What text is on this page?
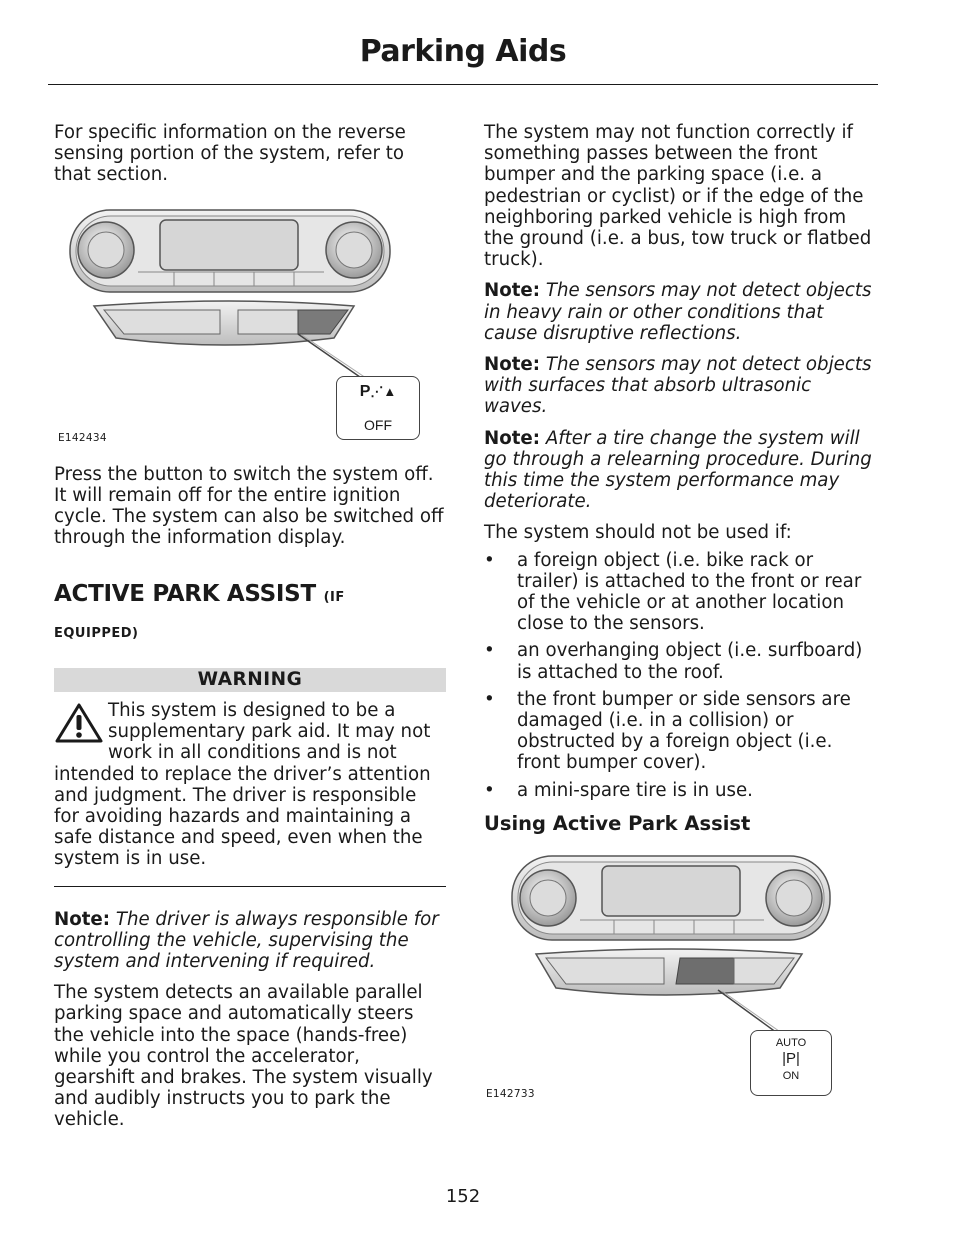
Parking Aids

For specific information on the reverse sensing portion of the system, refer to that section.

P⋰▲
OFF
E142434

Press the button to switch the system off. It will remain off for the entire ignition cycle. The system can also be switched off through the information display.

ACTIVE PARK ASSIST (IF
EQUIPPED)
WARNING
This system is designed to be a supplementary park aid. It may not work in all conditions and is not intended to replace the driver’s attention and judgment. The driver is responsible for avoiding hazards and maintaining a safe distance and speed, even when the system is in use.

Note: The driver is always responsible for controlling the vehicle, supervising the system and intervening if required.

The system detects an available parallel parking space and automatically steers the vehicle into the space (hands-free) while you control the accelerator, gearshift and brakes. The system visually and audibly instructs you to park the vehicle.

The system may not function correctly if something passes between the front bumper and the parking space (i.e. a pedestrian or cyclist) or if the edge of the neighboring parked vehicle is high from the ground (i.e. a bus, tow truck or flatbed truck).

Note: The sensors may not detect objects in heavy rain or other conditions that cause disruptive reflections.

Note: The sensors may not detect objects with surfaces that absorb ultrasonic waves.

Note: After a tire change the system will go through a relearning procedure. During this time the system performance may deteriorate.

The system should not be used if:

• a foreign object (i.e. bike rack or trailer) is attached to the front or rear of the vehicle or at another location close to the sensors.
• an overhanging object (i.e. surfboard) is attached to the roof.
• the front bumper or side sensors are damaged (i.e. in a collision) or obstructed by a foreign object (i.e. front bumper cover).
• a mini-spare tire is in use.
Using Active Park Assist
AUTO
|P|
ON
E142733
152
